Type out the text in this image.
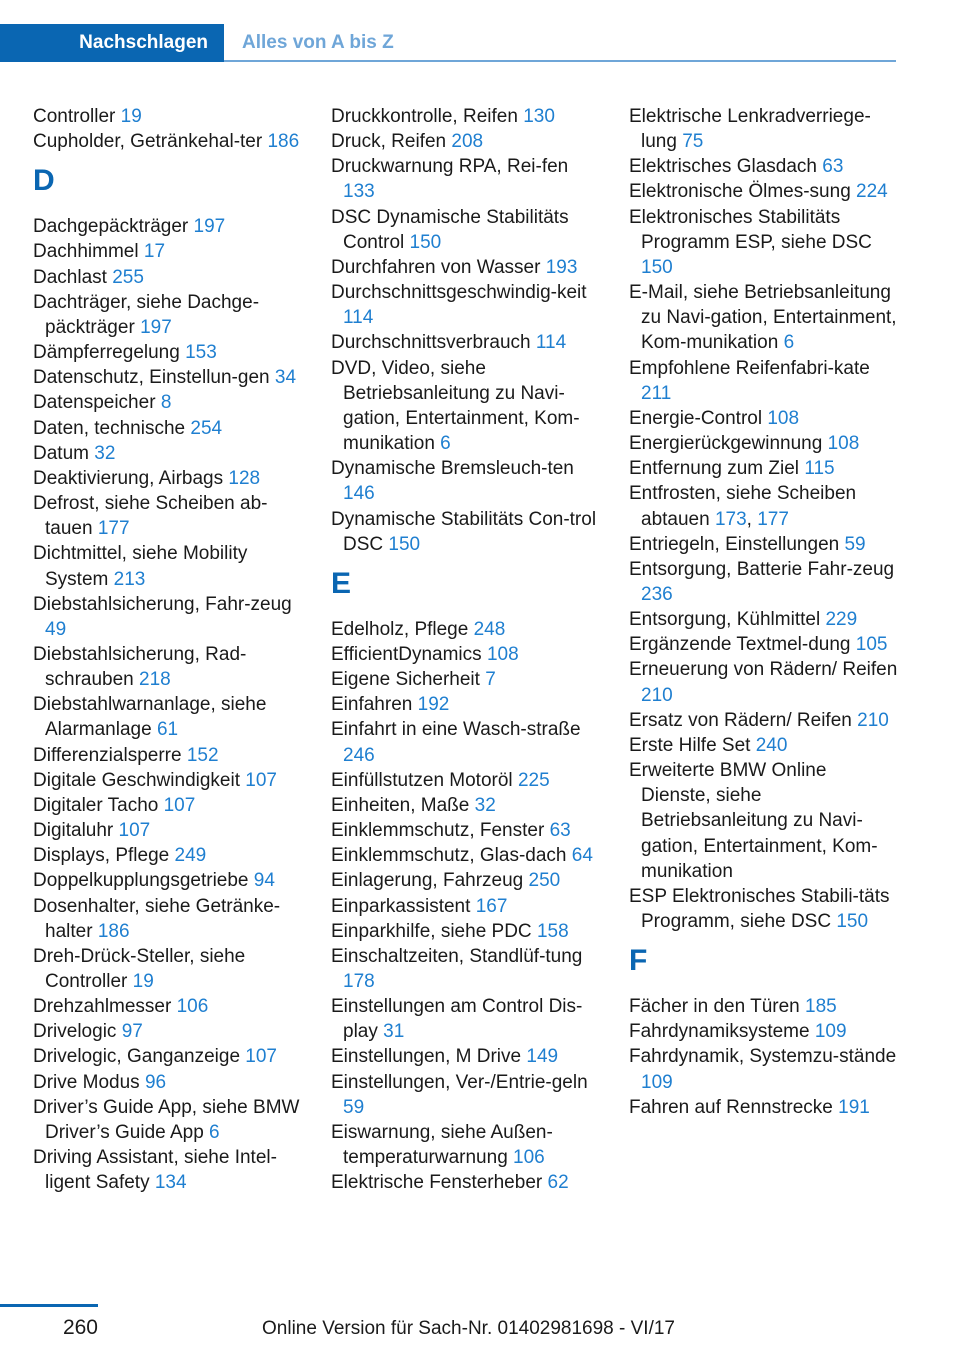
Nachschlagen	Alles von A bis Z

Controller 19

Cupholder, Getränkehal‐ter 186

D

Dachgepäckträger 197

Dachhimmel 17

Dachlast 255

Dachträger, siehe Dachge‐päckträger 197

Dämpferregelung 153

Datenschutz, Einstellun‐gen 34

Datenspeicher 8

Daten, technische 254

Datum 32

Deaktivierung, Airbags 128

Defrost, siehe Scheiben ab‐tauen 177

Dichtmittel, siehe Mobility System 213

Diebstahlsicherung, Fahr‐zeug 49

Diebstahlsicherung, Rad‐schrauben 218

Diebstahlwarnanlage, siehe Alarmanlage 61

Differenzialsperre 152

Digitale Geschwindigkeit 107

Digitaler Tacho 107

Digitaluhr 107

Displays, Pflege 249

Doppelkupplungsgetriebe 94

Dosenhalter, siehe Getränke‐halter 186

Dreh-Drück-Steller, siehe Controller 19

Drehzahlmesser 106

Drivelogic 97

Drivelogic, Ganganzeige 107

Drive Modus 96

Driver’s Guide App, siehe BMW Driver’s Guide App 6

Driving Assistant, siehe Intel‐ligent Safety 134

Druckkontrolle, Reifen 130

Druck, Reifen 208

Druckwarnung RPA, Rei‐fen 133

DSC Dynamische Stabilitäts Control 150

Durchfahren von Wasser 193

Durchschnittsgeschwindig‐keit 114

Durchschnittsverbrauch 114

DVD, Video, siehe Betriebsanleitung zu Navi‐gation, Entertainment, Kom‐munikation 6

Dynamische Bremsleuch‐ten 146

Dynamische Stabilitäts Con‐trol DSC 150

E

Edelholz, Pflege 248

EfficientDynamics 108

Eigene Sicherheit 7

Einfahren 192

Einfahrt in eine Wasch‐straße 246

Einfüllstutzen Motoröl 225

Einheiten, Maße 32

Einklemmschutz, Fenster 63

Einklemmschutz, Glas‐dach 64

Einlagerung, Fahrzeug 250

Einparkassistent 167

Einparkhilfe, siehe PDC 158

Einschaltzeiten, Standlüf‐tung 178

Einstellungen am Control Dis‐play 31

Einstellungen, M Drive 149

Einstellungen, Ver-/Entrie‐geln 59

Eiswarnung, siehe Außen‐temperaturwarnung 106

Elektrische Fensterheber 62

Elektrische Lenkradverriege‐lung 75

Elektrisches Glasdach 63

Elektronische Ölmes‐sung 224

Elektronisches Stabilitäts Programm ESP, siehe DSC 150

E-Mail, siehe Betriebsanleitung zu Navi‐gation, Entertainment, Kom‐munikation 6

Empfohlene Reifenfabri‐kate 211

Energie-Control 108

Energierückgewinnung 108

Entfernung zum Ziel 115

Entfrosten, siehe Scheiben abtauen 173, 177

Entriegeln, Einstellungen 59

Entsorgung, Batterie Fahr‐zeug 236

Entsorgung, Kühlmittel 229

Ergänzende Textmel‐dung 105

Erneuerung von Rädern/ Reifen 210

Ersatz von Rädern/ Reifen 210

Erste Hilfe Set 240

Erweiterte BMW Online Dienste, siehe Betriebsanleitung zu Navi‐gation, Entertainment, Kom‐munikation

ESP Elektronisches Stabili‐täts Programm, siehe DSC 150

F

Fächer in den Türen 185

Fahrdynamiksysteme 109

Fahrdynamik, Systemzu‐stände 109

Fahren auf Rennstrecke 191

260	Online Version für Sach-Nr. 01402981698 - VI/17
